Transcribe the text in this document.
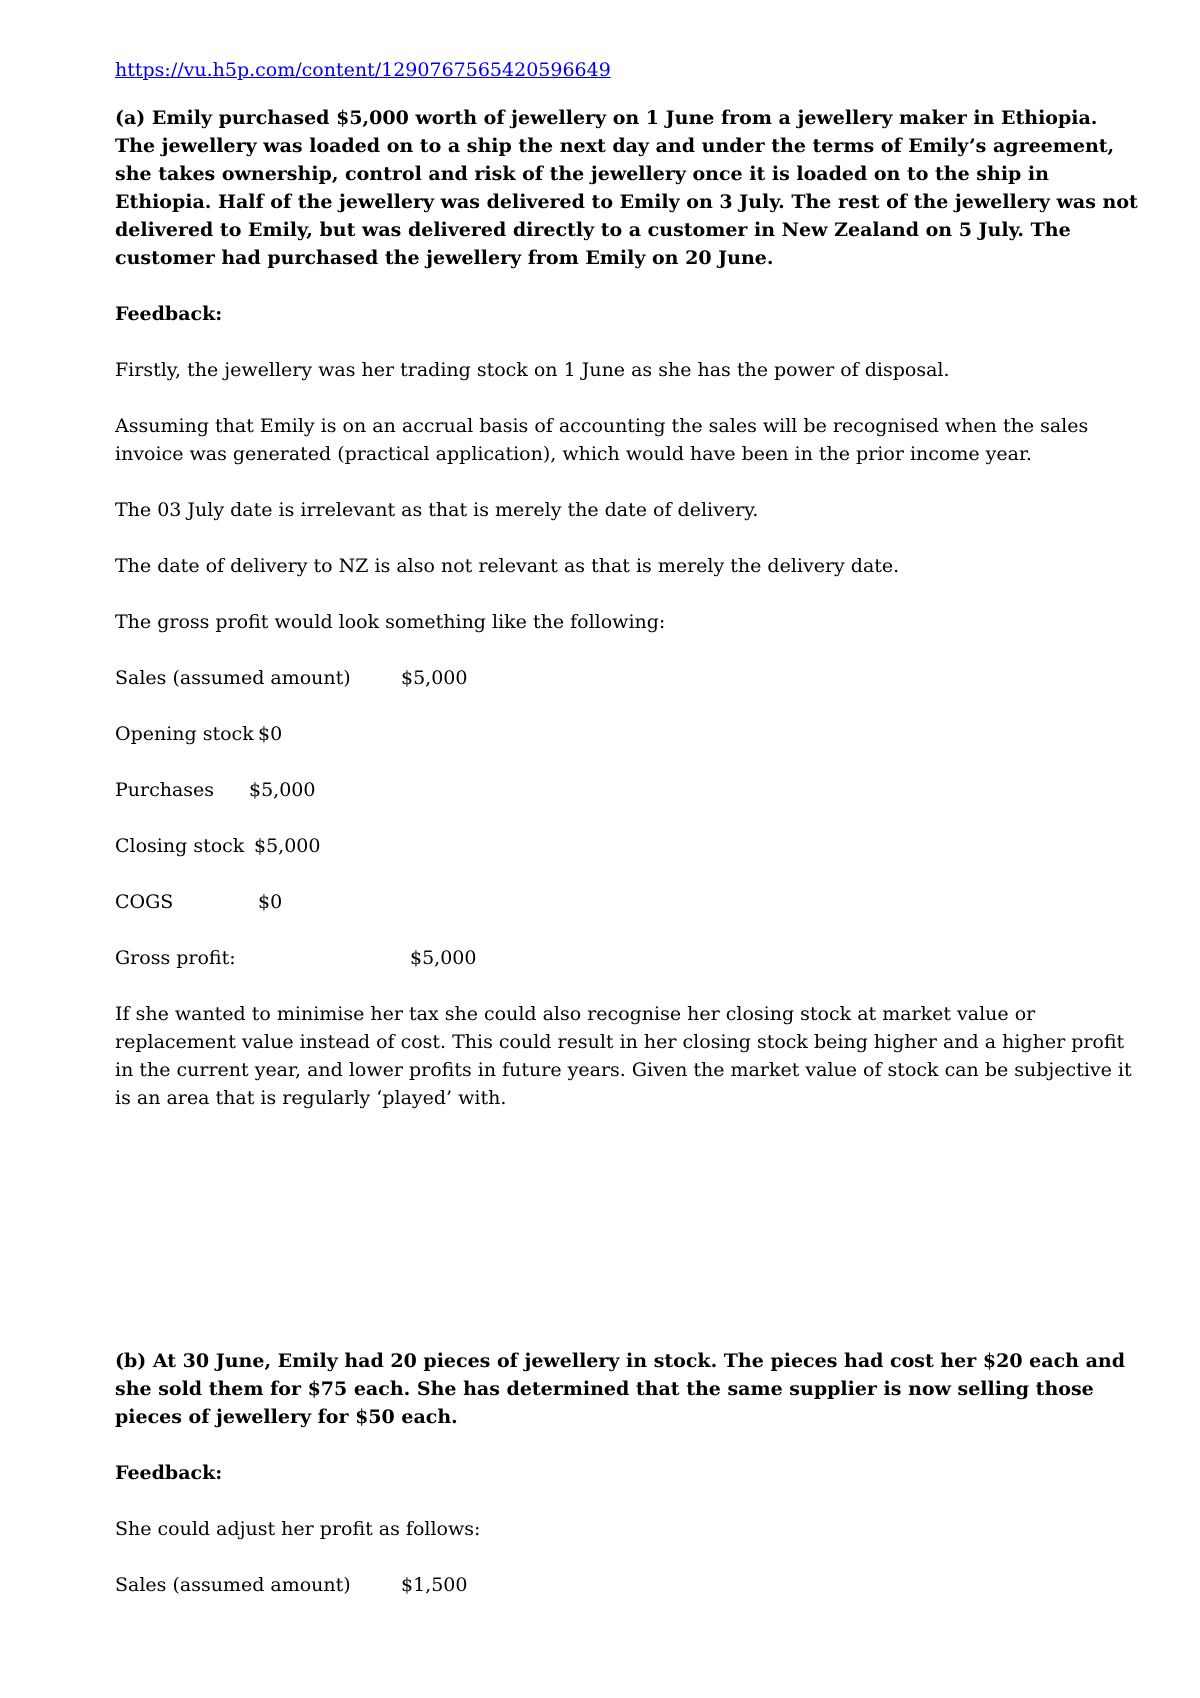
https://vu.h5p.com/content/1290767565420596649

(a) Emily purchased $5,000 worth of jewellery on 1 June from a jewellery maker in Ethiopia. The jewellery was loaded on to a ship the next day and under the terms of Emily’s agreement, she takes ownership, control and risk of the jewellery once it is loaded on to the ship in Ethiopia. Half of the jewellery was delivered to Emily on 3 July. The rest of the jewellery was not delivered to Emily, but was delivered directly to a customer in New Zealand on 5 July. The customer had purchased the jewellery from Emily on 20 June.

Feedback:

Firstly, the jewellery was her trading stock on 1 June as she has the power of disposal.

Assuming that Emily is on an accrual basis of accounting the sales will be recognised when the sales invoice was generated (practical application), which would have been in the prior income year.

The 03 July date is irrelevant as that is merely the date of delivery.

The date of delivery to NZ is also not relevant as that is merely the delivery date.

The gross profit would look something like the following:

Sales (assumed amount)	$5,000
Opening stock $0
Purchases	$5,000
Closing stock $5,000
COGS	$0
Gross profit:	$5,000

If she wanted to minimise her tax she could also recognise her closing stock at market value or replacement value instead of cost. This could result in her closing stock being higher and a higher profit in the current year, and lower profits in future years. Given the market value of stock can be subjective it is an area that is regularly ‘played’ with.

(b) At 30 June, Emily had 20 pieces of jewellery in stock. The pieces had cost her $20 each and she sold them for $75 each. She has determined that the same supplier is now selling those pieces of jewellery for $50 each.

Feedback:

She could adjust her profit as follows:

Sales (assumed amount)	$1,500
